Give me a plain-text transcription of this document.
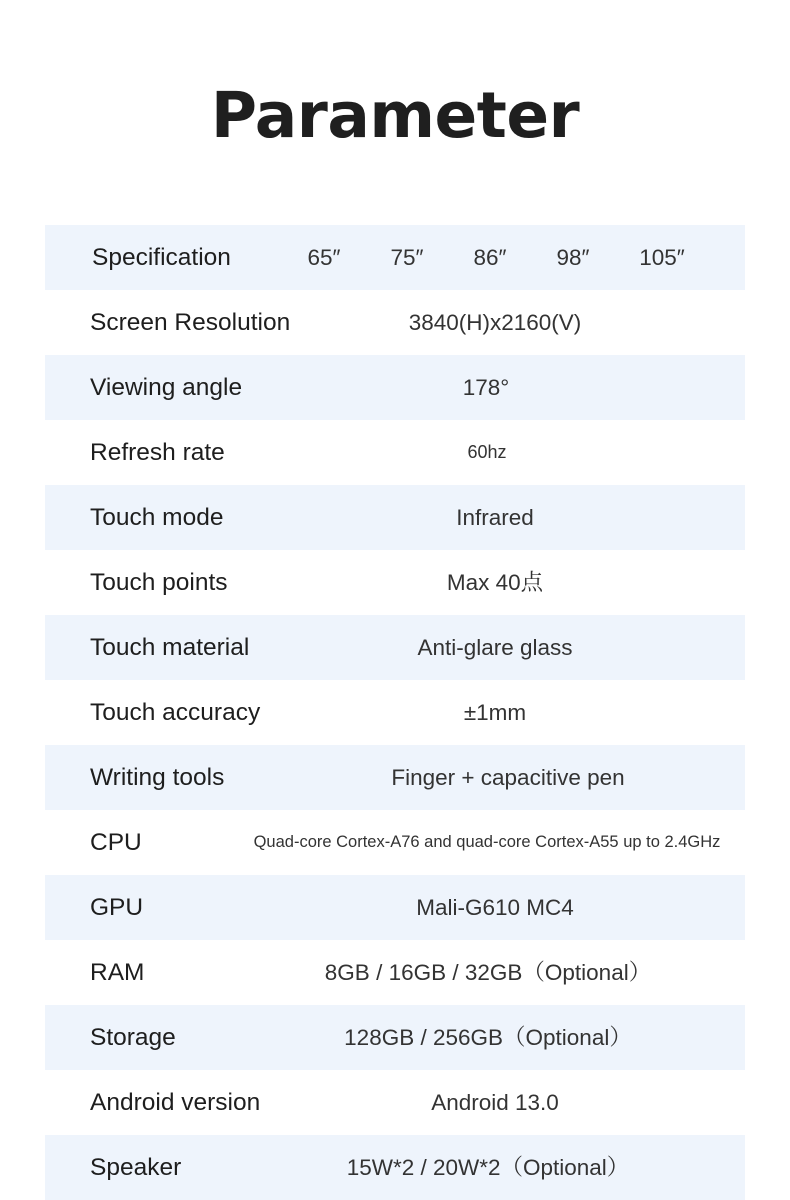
Parameter
Specification	65″ 75″ 86″ 98″ 105″
Screen Resolution	3840(H)x2160(V)
Viewing angle	178°
Refresh rate	60hz
Touch mode	Infrared
Touch points	Max 40点
Touch material	Anti-glare glass
Touch accuracy	±1mm
Writing tools	Finger + capacitive pen
CPU	Quad-core Cortex-A76 and quad-core Cortex-A55 up to 2.4GHz
GPU	Mali-G610 MC4
RAM	8GB / 16GB / 32GB（Optional）
Storage	128GB / 256GB（Optional）
Android version	Android 13.0
Speaker	15W*2 / 20W*2（Optional）
